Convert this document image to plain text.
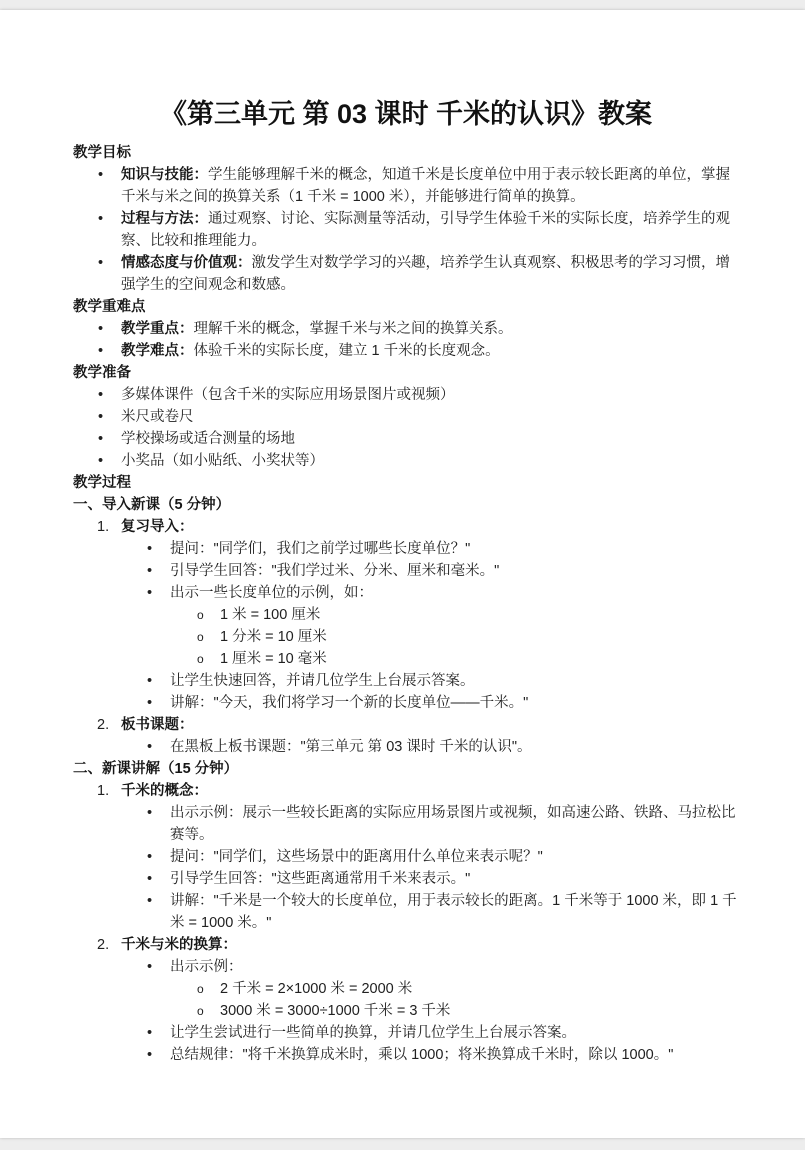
《第三单元 第 03 课时 千米的认识》教案
教学目标
• 知识与技能：学生能够理解千米的概念，知道千米是长度单位中用于表示较长距离的单位，掌握千米与米之间的换算关系（1 千米 = 1000 米），并能够进行简单的换算。
• 过程与方法：通过观察、讨论、实际测量等活动，引导学生体验千米的实际长度，培养学生的观察、比较和推理能力。
• 情感态度与价值观：激发学生对数学学习的兴趣，培养学生认真观察、积极思考的学习习惯，增强学生的空间观念和数感。
教学重难点
• 教学重点：理解千米的概念，掌握千米与米之间的换算关系。
• 教学难点：体验千米的实际长度，建立 1 千米的长度观念。
教学准备
• 多媒体课件（包含千米的实际应用场景图片或视频）
• 米尺或卷尺
• 学校操场或适合测量的场地
• 小奖品（如小贴纸、小奖状等）
教学过程
一、导入新课（5 分钟）
1. 复习导入：
• 提问："同学们，我们之前学过哪些长度单位？"
• 引导学生回答："我们学过米、分米、厘米和毫米。"
• 出示一些长度单位的示例，如：
o 1 米 = 100 厘米
o 1 分米 = 10 厘米
o 1 厘米 = 10 毫米
• 让学生快速回答，并请几位学生上台展示答案。
• 讲解："今天，我们将学习一个新的长度单位——千米。"
2. 板书课题：
• 在黑板上板书课题："第三单元 第 03 课时 千米的认识"。
二、新课讲解（15 分钟）
1. 千米的概念：
• 出示示例：展示一些较长距离的实际应用场景图片或视频，如高速公路、铁路、马拉松比赛等。
• 提问："同学们，这些场景中的距离用什么单位来表示呢？"
• 引导学生回答："这些距离通常用千米来表示。"
• 讲解："千米是一个较大的长度单位，用于表示较长的距离。1 千米等于 1000 米，即 1 千米 = 1000 米。"
2. 千米与米的换算：
• 出示示例：
o 2 千米 = 2×1000 米 = 2000 米
o 3000 米 = 3000÷1000 千米 = 3 千米
• 让学生尝试进行一些简单的换算，并请几位学生上台展示答案。
• 总结规律："将千米换算成米时，乘以 1000；将米换算成千米时，除以 1000。"
